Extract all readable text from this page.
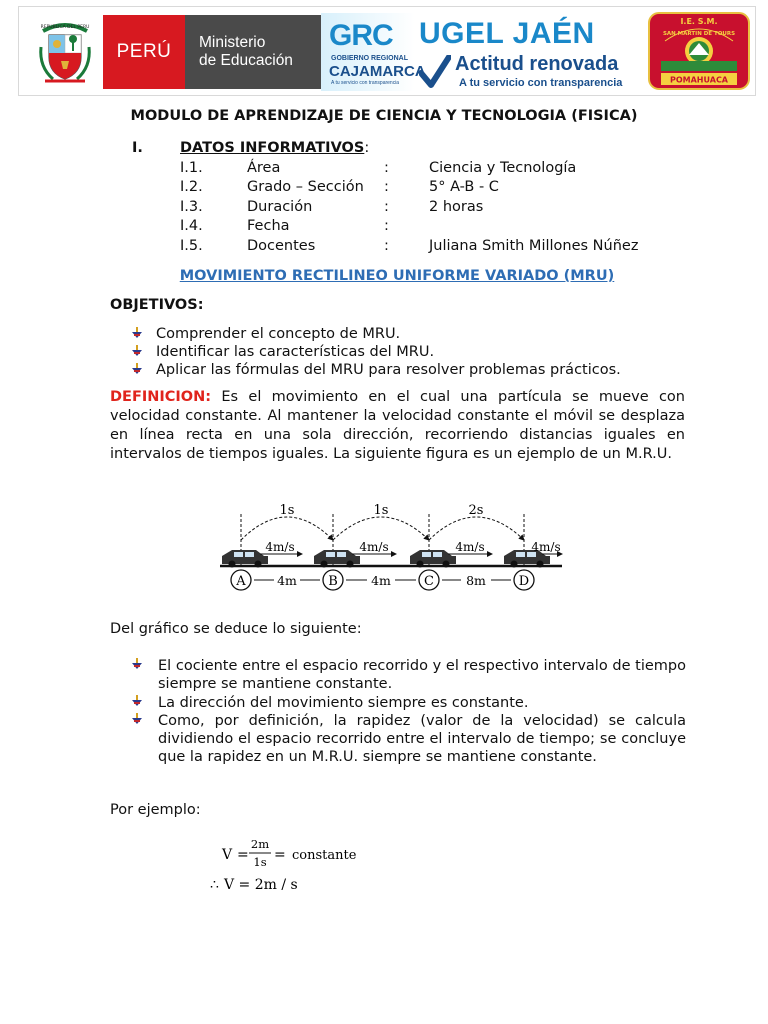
REPUBLICA DEL PERU
PERÚ Ministerio
de Educación
GRC
GOBIERNO REGIONAL
CAJAMARCA
A tu servicio con transparencia
UGEL JAÉN
Actitud renovada
A tu servicio con transparencia
I.E. S.M.
SAN MARTIN DE TOURS
POMAHUACA
MODULO DE APRENDIZAJE DE CIENCIA Y TECNOLOGIA (FISICA)
I.	DATOS INFORMATIVOS:
I.1.	Área	:	Ciencia y Tecnología
I.2.	Grado – Sección :	5° A-B - C
I.3.	Duración	:	2 horas
I.4.	Fecha	:
I.5.	Docentes	:	Juliana Smith Millones Núñez
MOVIMIENTO RECTILINEO UNIFORME VARIADO (MRU)
OBJETIVOS:
Comprender el concepto de MRU.
Identificar las características del MRU.
Aplicar las fórmulas del MRU para resolver problemas prácticos.
DEFINICION: Es el movimiento en el cual una partícula se mueve con velocidad constante. Al mantener la velocidad constante el móvil se desplaza en línea recta en una sola dirección, recorriendo distancias iguales en intervalos de tiempos iguales. La siguiente figura es un ejemplo de un M.R.U.
1s	1s	2s
4m/s	4m/s	4m/s	4m/s
4m	4m	8m
A	B	C	D
Del gráfico se deduce lo siguiente:
El cociente entre el espacio recorrido y el respectivo intervalo de tiempo siempre se mantiene constante.
La dirección del movimiento siempre es constante.
Como, por definición, la rapidez (valor de la velocidad) se calcula dividiendo el espacio recorrido entre el intervalo de tiempo; se concluye que la rapidez en un M.R.U. siempre se mantiene constante.
Por ejemplo:
V =
2m
1s = constante
∴ V = 2m / s
